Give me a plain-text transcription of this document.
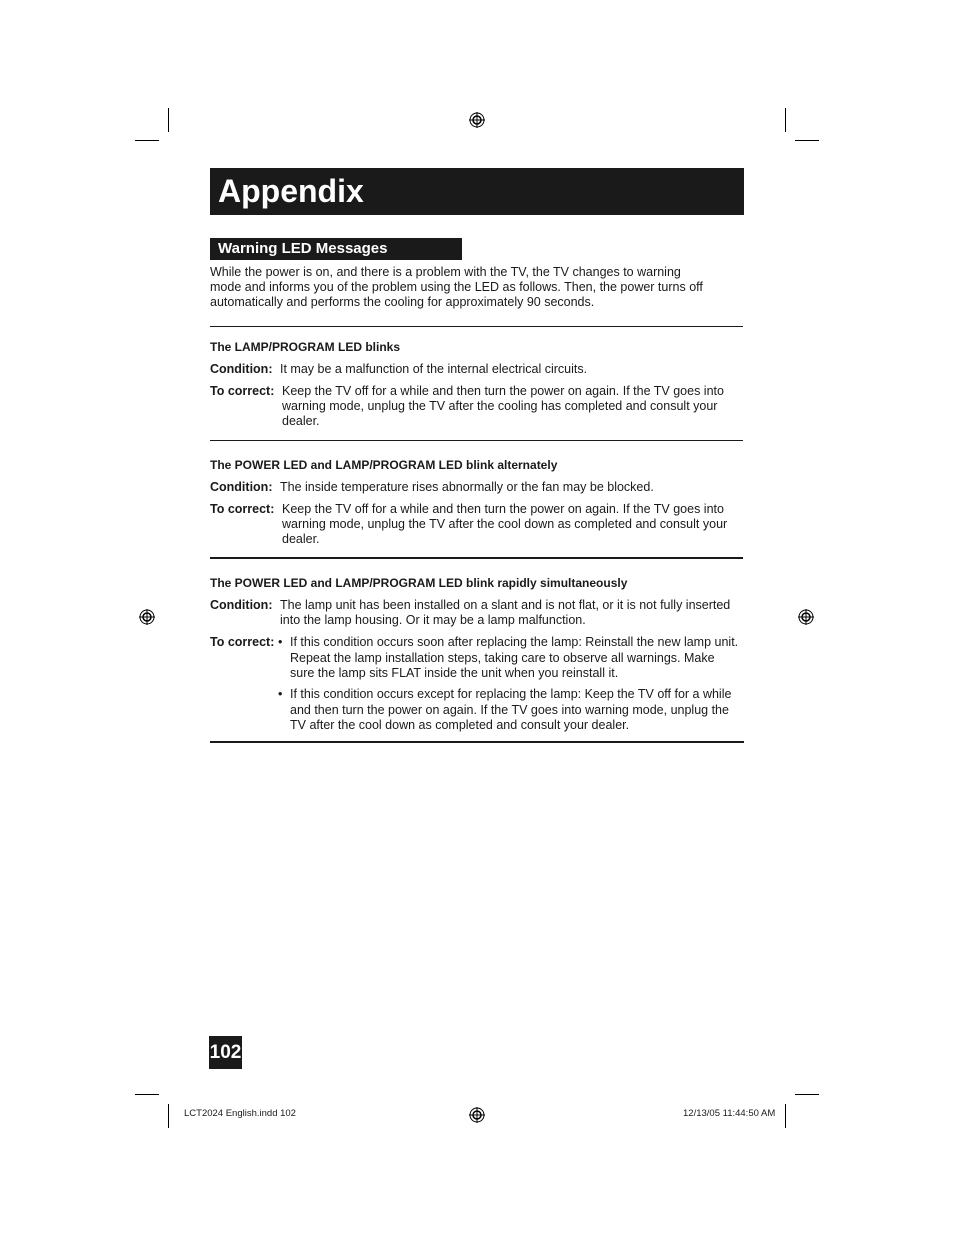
Appendix
Warning LED Messages
While the power is on, and there is a problem with the TV, the TV changes to warning
mode and informs you of the problem using the LED as follows. Then, the power turns off
automatically and performs the cooling for approximately 90 seconds.
The LAMP/PROGRAM LED blinks
Condition: It may be a malfunction of the internal electrical circuits.
To correct: Keep the TV off for a while and then turn the power on again. If the TV goes into
warning mode, unplug the TV after the cooling has completed and consult your
dealer.
The POWER LED and LAMP/PROGRAM LED blink alternately
Condition: The inside temperature rises abnormally or the fan may be blocked.
To correct: Keep the TV off for a while and then turn the power on again. If the TV goes into
warning mode, unplug the TV after the cool down as completed and consult your
dealer.
The POWER LED and LAMP/PROGRAM LED blink rapidly simultaneously
Condition: The lamp unit has been installed on a slant and is not flat, or it is not fully inserted
into the lamp housing. Or it may be a lamp malfunction.
To correct: • If this condition occurs soon after replacing the lamp: Reinstall the new lamp unit.
Repeat the lamp installation steps, taking care to observe all warnings. Make
sure the lamp sits FLAT inside the unit when you reinstall it.
• If this condition occurs except for replacing the lamp: Keep the TV off for a while
and then turn the power on again. If the TV goes into warning mode, unplug the
TV after the cool down as completed and consult your dealer.
102
LCT2024 English.indd 102	12/13/05 11:44:50 AM
